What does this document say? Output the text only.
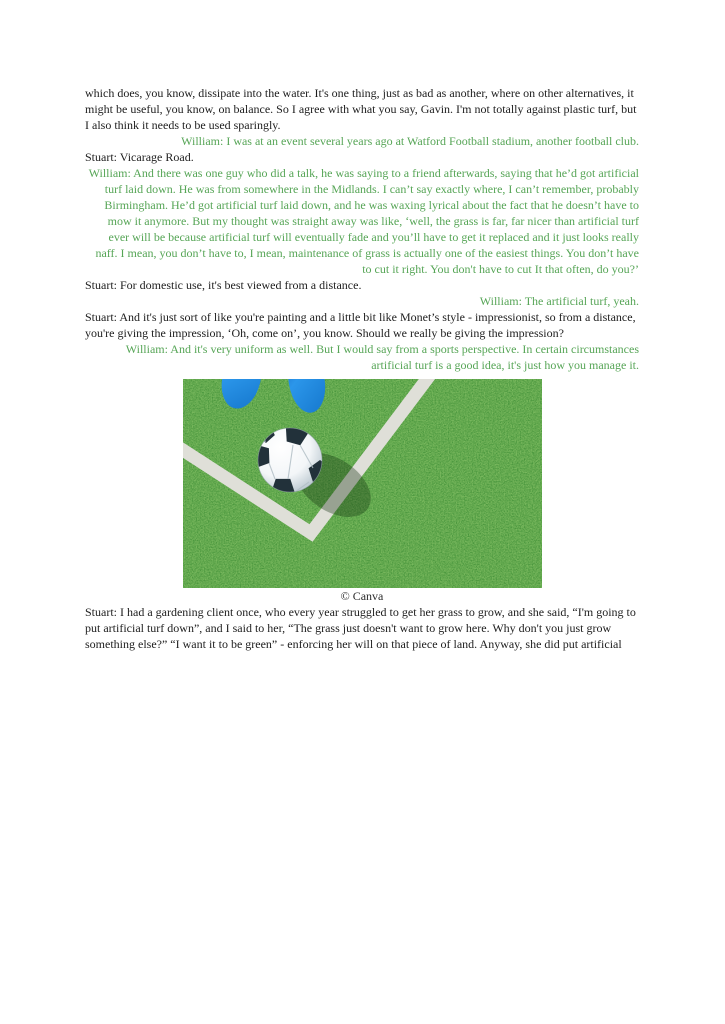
which does, you know, dissipate into the water. It's one thing, just as bad as another, where on other alternatives, it might be useful, you know, on balance. So I agree with what you say, Gavin. I'm not totally against plastic turf, but I also think it needs to be used sparingly.

William: I was at an event several years ago at Watford Football stadium, another football club.

Stuart: Vicarage Road.

William: And there was one guy who did a talk, he was saying to a friend afterwards, saying that he’d got artificial turf laid down. He was from somewhere in the Midlands. I can’t say exactly where, I can’t remember, probably Birmingham. He’d got artificial turf laid down, and he was waxing lyrical about the fact that he doesn’t have to mow it anymore. But my thought was straight away was like, ‘well, the grass is far, far nicer than artificial turf ever will be because artificial turf will eventually fade and you’ll have to get it replaced and it just looks really naff. I mean, you don’t have to, I mean, maintenance of grass is actually one of the easiest things. You don’t have to cut it right. You don't have to cut It that often, do you?’

Stuart: For domestic use, it's best viewed from a distance.

William: The artificial turf, yeah.

Stuart: And it's just sort of like you're painting and a little bit like Monet’s style - impressionist, so from a distance, you're giving the impression, ‘Oh, come on’, you know. Should we really be giving the impression?

William: And it's very uniform as well. But I would say from a sports perspective. In certain circumstances artificial turf is a good idea, it's just how you manage it.

© Canva

Stuart: I had a gardening client once, who every year struggled to get her grass to grow, and she said, “I'm going to put artificial turf down”, and I said to her, “The grass just doesn't want to grow here. Why don't you just grow something else?” “I want it to be green” - enforcing her will on that piece of land. Anyway, she did put artificial
